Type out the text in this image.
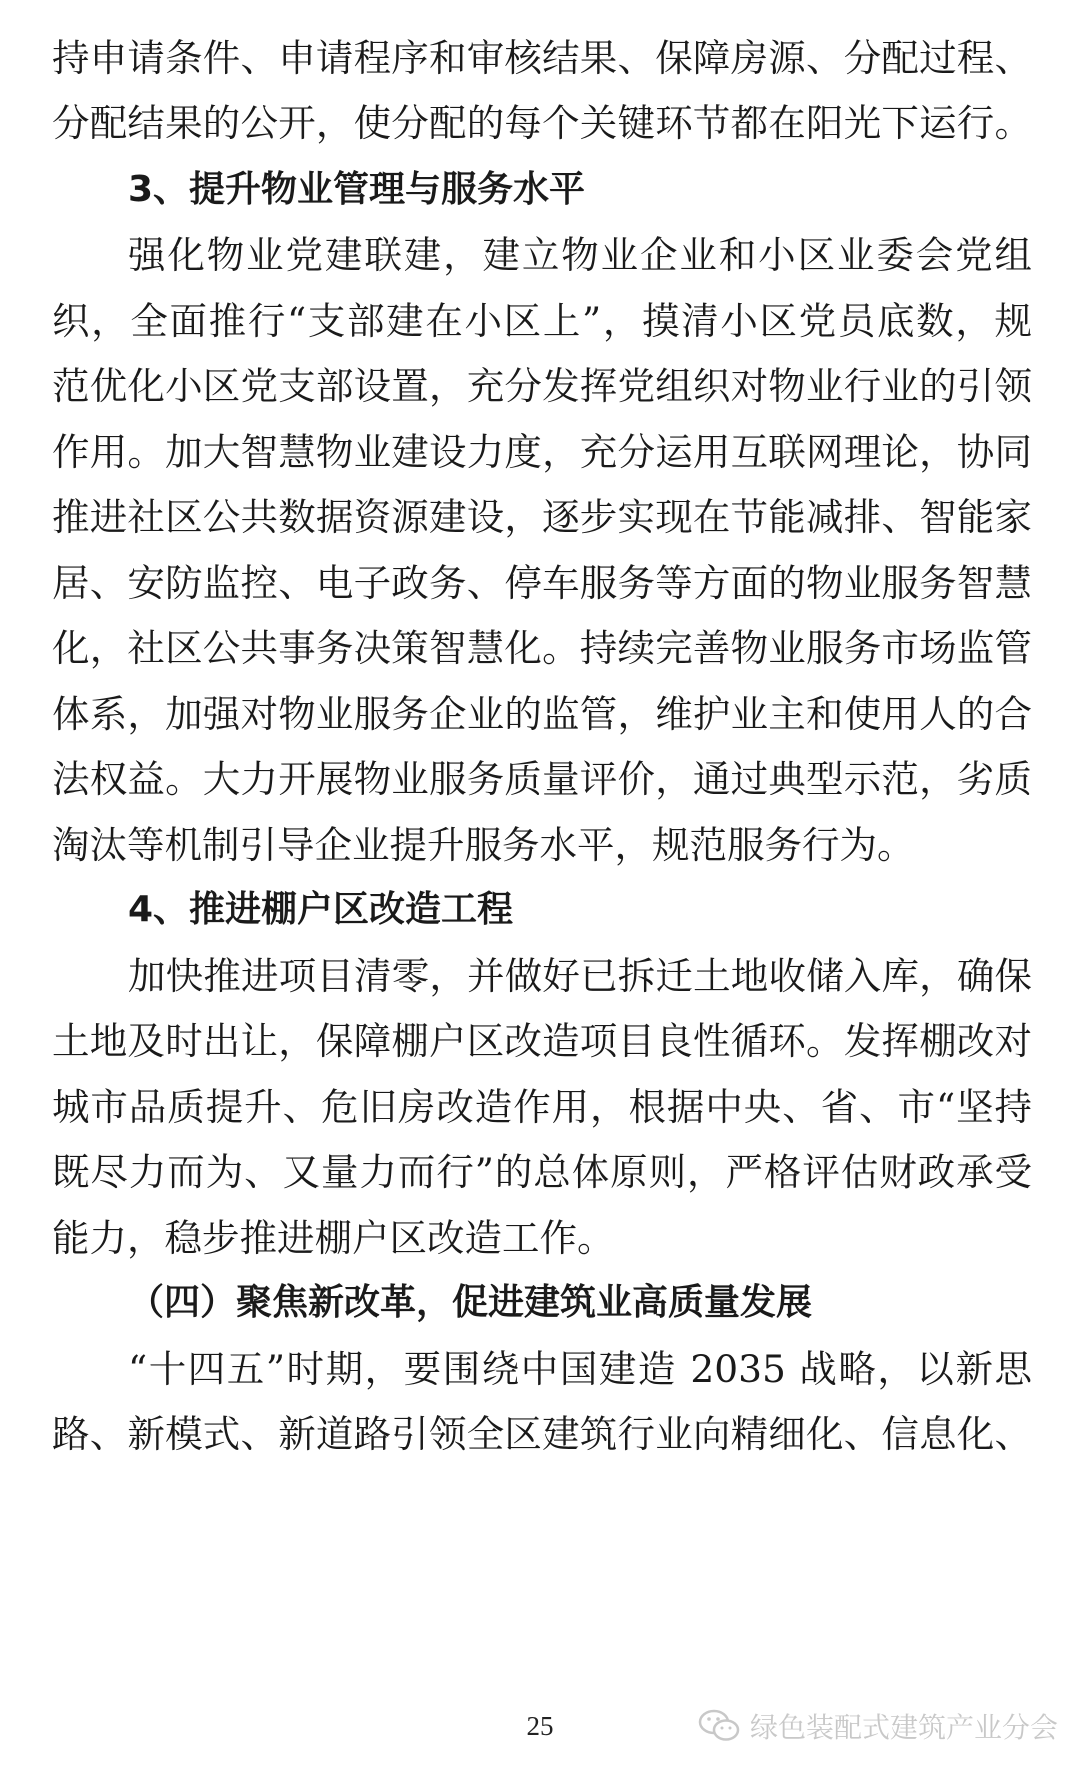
持申请条件、申请程序和审核结果、保障房源、分配过程、
分配结果的公开，使分配的每个关键环节都在阳光下运行。
3、提升物业管理与服务水平
强化物业党建联建，建立物业企业和小区业委会党组
织，全面推行“支部建在小区上”，摸清小区党员底数，规
范优化小区党支部设置，充分发挥党组织对物业行业的引领
作用。加大智慧物业建设力度，充分运用互联网理论，协同
推进社区公共数据资源建设，逐步实现在节能减排、智能家
居、安防监控、电子政务、停车服务等方面的物业服务智慧
化，社区公共事务决策智慧化。持续完善物业服务市场监管
体系，加强对物业服务企业的监管，维护业主和使用人的合
法权益。大力开展物业服务质量评价，通过典型示范，劣质
淘汰等机制引导企业提升服务水平，规范服务行为。
4、推进棚户区改造工程
加快推进项目清零，并做好已拆迁土地收储入库，确保
土地及时出让，保障棚户区改造项目良性循环。发挥棚改对
城市品质提升、危旧房改造作用，根据中央、省、市“坚持
既尽力而为、又量力而行”的总体原则，严格评估财政承受
能力，稳步推进棚户区改造工作。
（四）聚焦新改革，促进建筑业高质量发展
“十四五”时期，要围绕中国建造 2035 战略，以新思
路、新模式、新道路引领全区建筑行业向精细化、信息化、
25	绿色装配式建筑产业分会
